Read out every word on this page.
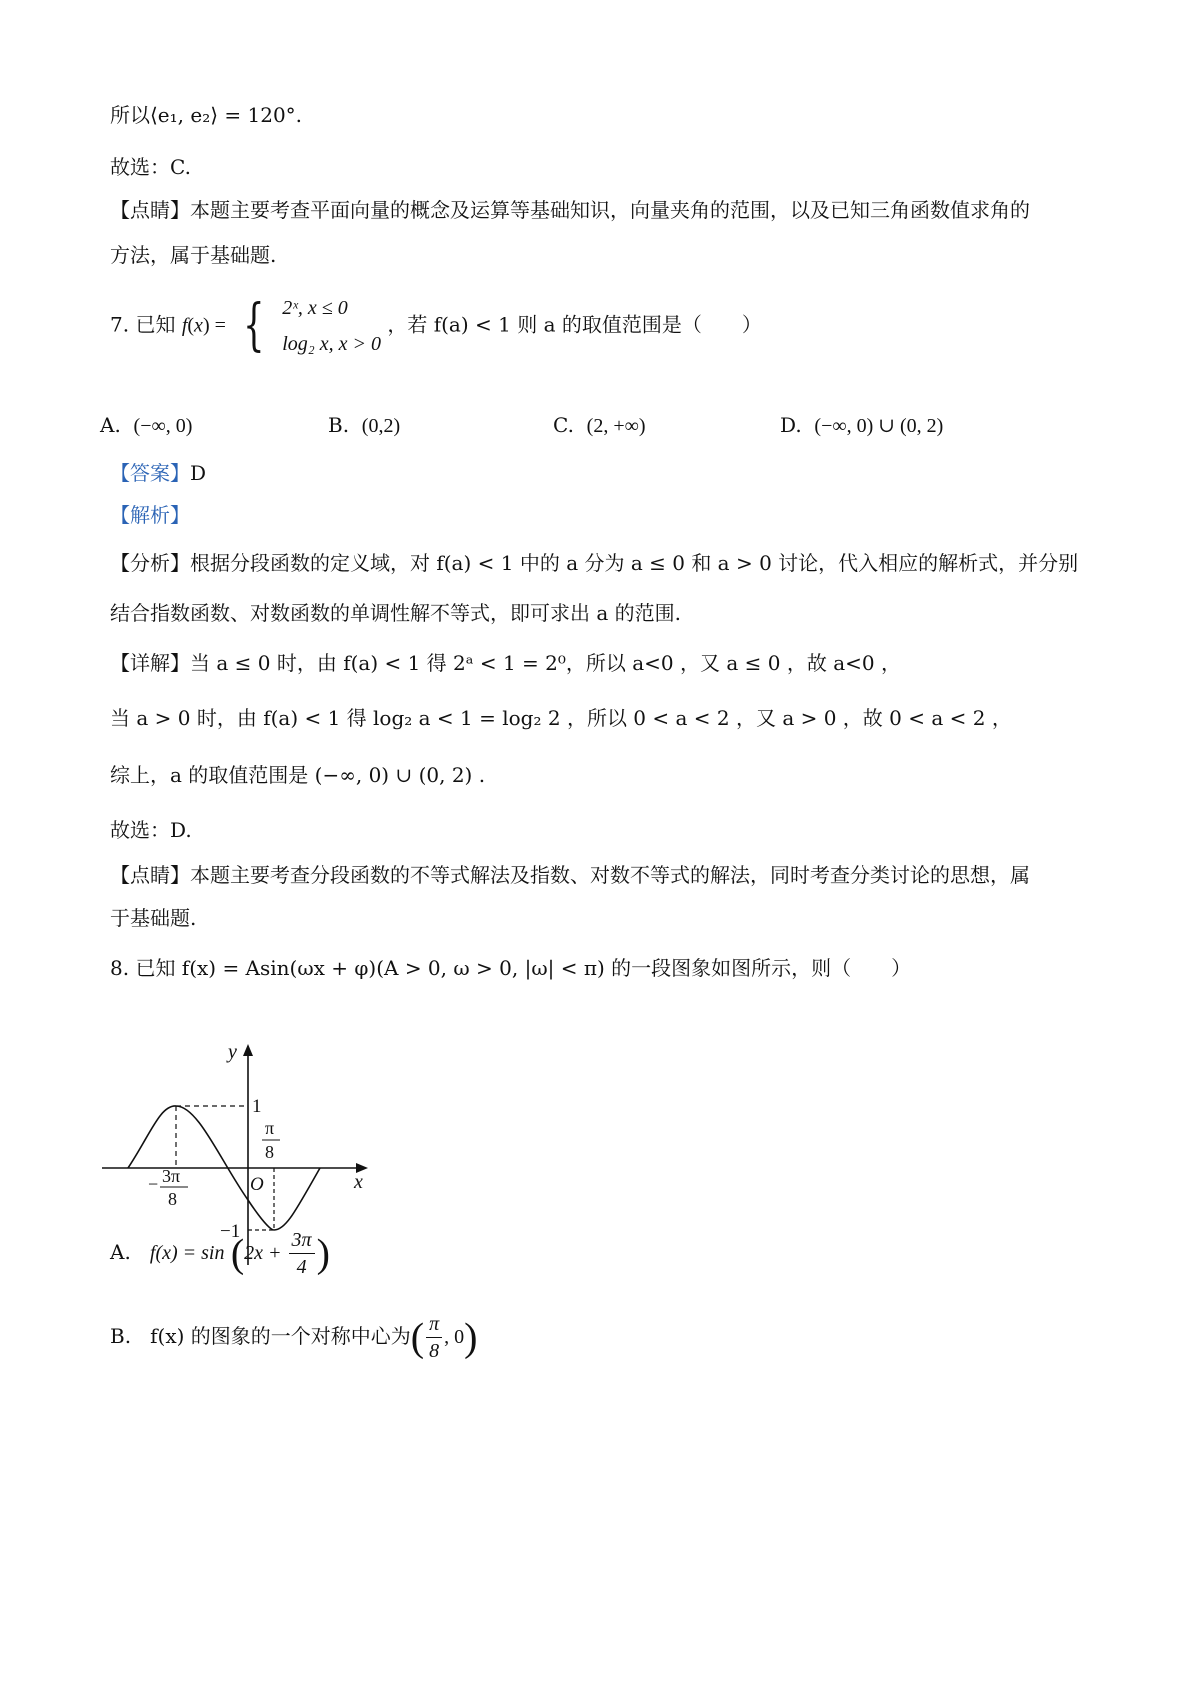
所以⟨e₁, e₂⟩ = 120°.
故选：C.
【点睛】本题主要考查平面向量的概念及运算等基础知识，向量夹角的范围，以及已知三角函数值求角的
方法，属于基础题.
7. 已知 f(x) = { 2ˣ, x ≤ 0
log₂ x, x > 0
，若 f(a) < 1 则 a 的取值范围是（　　）
A. (−∞, 0)	B. (0,2)	C. (2, +∞)	D. (−∞, 0) ∪ (0, 2)
【答案】D
【解析】
【分析】根据分段函数的定义域，对 f(a) < 1 中的 a 分为 a ≤ 0 和 a > 0 讨论，代入相应的解析式，并分别
结合指数函数、对数函数的单调性解不等式，即可求出 a 的范围.
【详解】当 a ≤ 0 时，由 f(a) < 1 得 2ᵃ < 1 = 2⁰，所以 a<0 ，又 a ≤ 0 ，故 a<0 ，
当 a > 0 时，由 f(a) < 1 得 log₂ a < 1 = log₂ 2 ，所以 0 < a < 2 ，又 a > 0 ，故 0 < a < 2 ，
综上，a 的取值范围是 (−∞, 0) ∪ (0, 2) .
故选：D.
【点睛】本题主要考查分段函数的不等式解法及指数、对数不等式的解法，同时考查分类讨论的思想，属
于基础题.
8. 已知 f(x) = Asin(ωx + φ)(A > 0, ω > 0, |ω| < π) 的一段图象如图所示，则（　　）
y
x
O
1
−1
π
8
− 3π
8
A. $f(x) = \sin (2x + \frac{3\pi}{4}$ )
B. f(x) 的图象的一个对称中心为( $\frac{\pi}{8}$ , 0)
